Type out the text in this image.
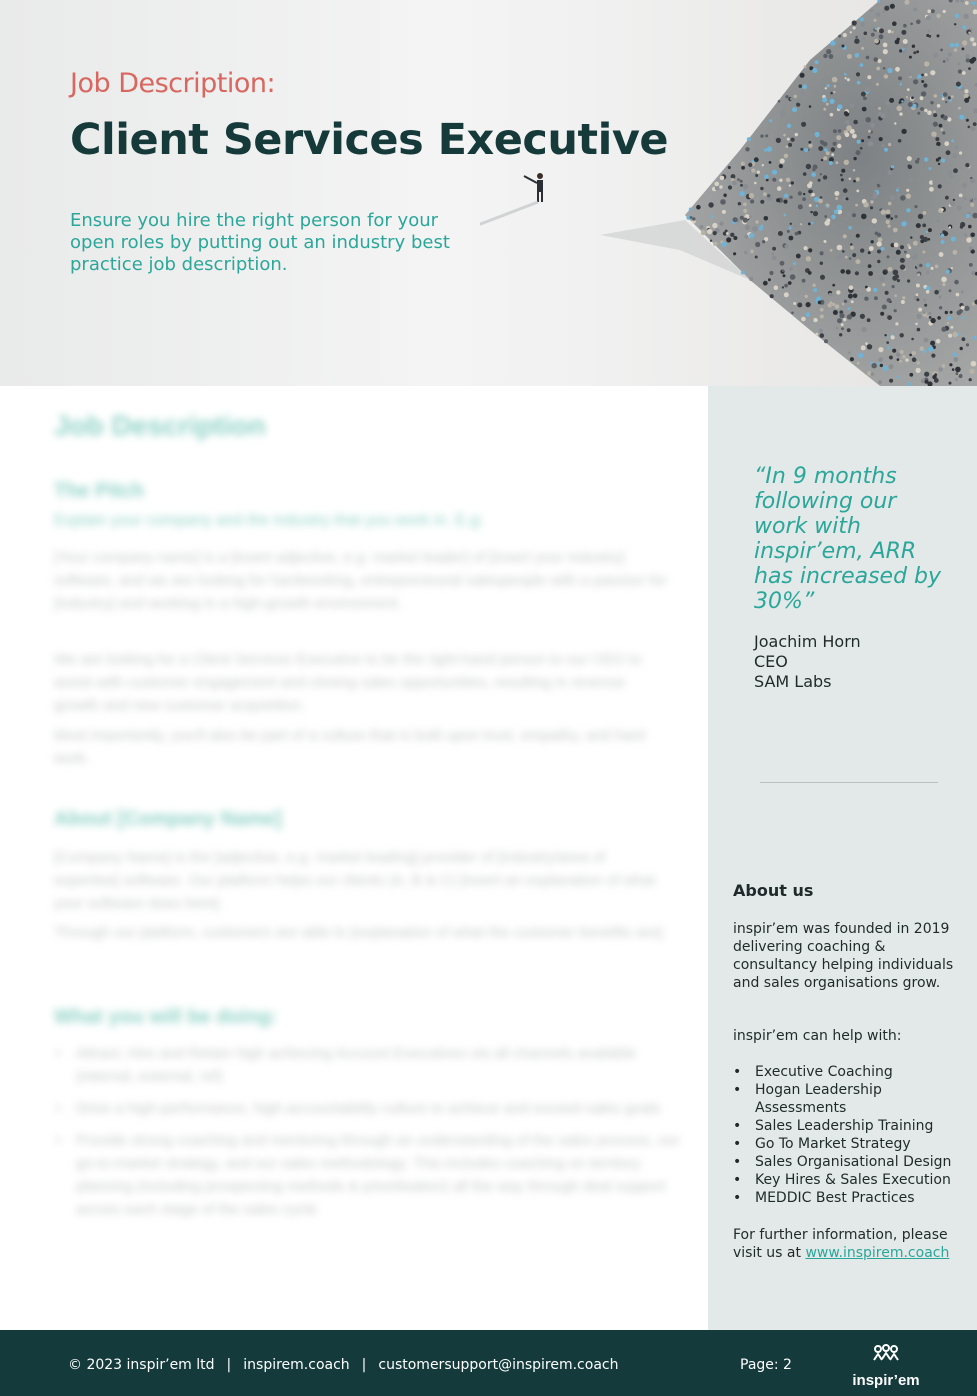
Job Description:
Client Services Executive
Ensure you hire the right person for your open roles by putting out an industry best practice job description.
Job Description
The Pitch
Explain your company and the industry that you work in. E.g:
[Your company name] is a [insert adjective, e.g. market leader] of [insert your industry] software, and we are looking for hardworking, entrepreneurial salespeople with a passion for [industry] and working in a high-growth environment.
We are looking for a Client Services Executive to be the right-hand person to our CEO to assist with customer engagement and closing sales opportunities, resulting in revenue growth and new customer acquisition.
Most importantly, you'll also be part of a culture that is built upon trust, empathy, and hard work.
About [Company Name]
[Company Name] is the [adjective, e.g. market leading] provider of [industry/area of expertise] software. Our platform helps our clients (A, B & C) [insert an explanation of what your software does here].
Through our platform, customers are able to [explanation of what the customer benefits are].
What you will be doing:
• Attract, Hire and Retain high achieving Account Executives via all channels available (internal, external, ref)
• Drive a high-performance, high-accountability culture to achieve and exceed sales goals
• Provide strong coaching and mentoring through an understanding of the sales process, our go-to-market strategy, and our sales methodology. This includes coaching on territory planning (including prospecting methods & prioritisation) all the way through deal support across each stage of the sales cycle
“In 9 months following our work with inspir’em, ARR has increased by 30%”
Joachim Horn
CEO
SAM Labs
About us
inspir’em was founded in 2019 delivering coaching & consultancy helping individuals and sales organisations grow.
inspir’em can help with:
• Executive Coaching
• Hogan Leadership Assessments
• Sales Leadership Training
• Go To Market Strategy
• Sales Organisational Design
• Key Hires & Sales Execution
• MEDDIC Best Practices
For further information, please visit us at www.inspirem.coach
© 2023 inspir’em ltd | inspirem.coach | customersupport@inspirem.coach	Page: 2
inspir’em
